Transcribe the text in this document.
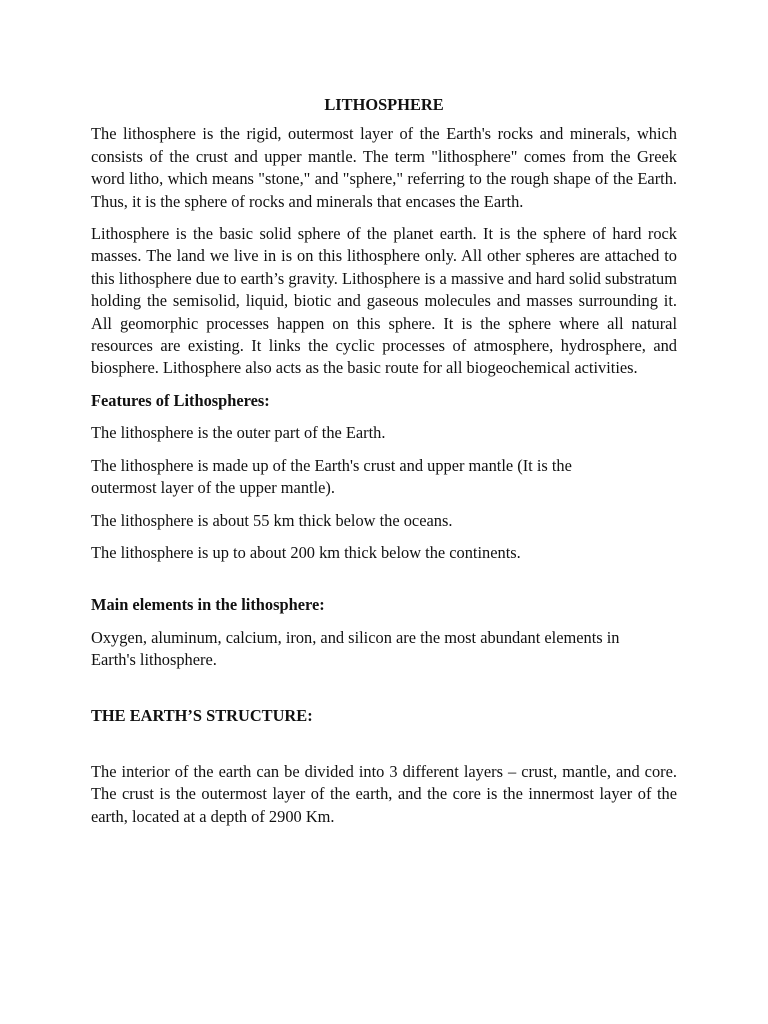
LITHOSPHERE

The lithosphere is the rigid, outermost layer of the Earth's rocks and minerals, which consists of the crust and upper mantle. The term "lithosphere" comes from the Greek word litho, which means "stone," and "sphere," referring to the rough shape of the Earth. Thus, it is the sphere of rocks and minerals that encases the Earth.

Lithosphere is the basic solid sphere of the planet earth. It is the sphere of hard rock masses. The land we live in is on this lithosphere only. All other spheres are attached to this lithosphere due to earth’s gravity. Lithosphere is a massive and hard solid substratum holding the semisolid, liquid, biotic and gaseous molecules and masses surrounding it. All geomorphic processes happen on this sphere. It is the sphere where all natural resources are existing. It links the cyclic processes of atmosphere, hydrosphere, and biosphere. Lithosphere also acts as the basic route for all biogeochemical activities.

Features of Lithospheres:

The lithosphere is the outer part of the Earth.

The lithosphere is made up of the Earth's crust and upper mantle (It is the outermost layer of the upper mantle).

The lithosphere is about 55 km thick below the oceans.

The lithosphere is up to about 200 km thick below the continents.

Main elements in the lithosphere:

Oxygen, aluminum, calcium, iron, and silicon are the most abundant elements in Earth's lithosphere.

THE EARTH’S STRUCTURE:

The interior of the earth can be divided into 3 different layers – crust, mantle, and core. The crust is the outermost layer of the earth, and the core is the innermost layer of the earth, located at a depth of 2900 Km.
